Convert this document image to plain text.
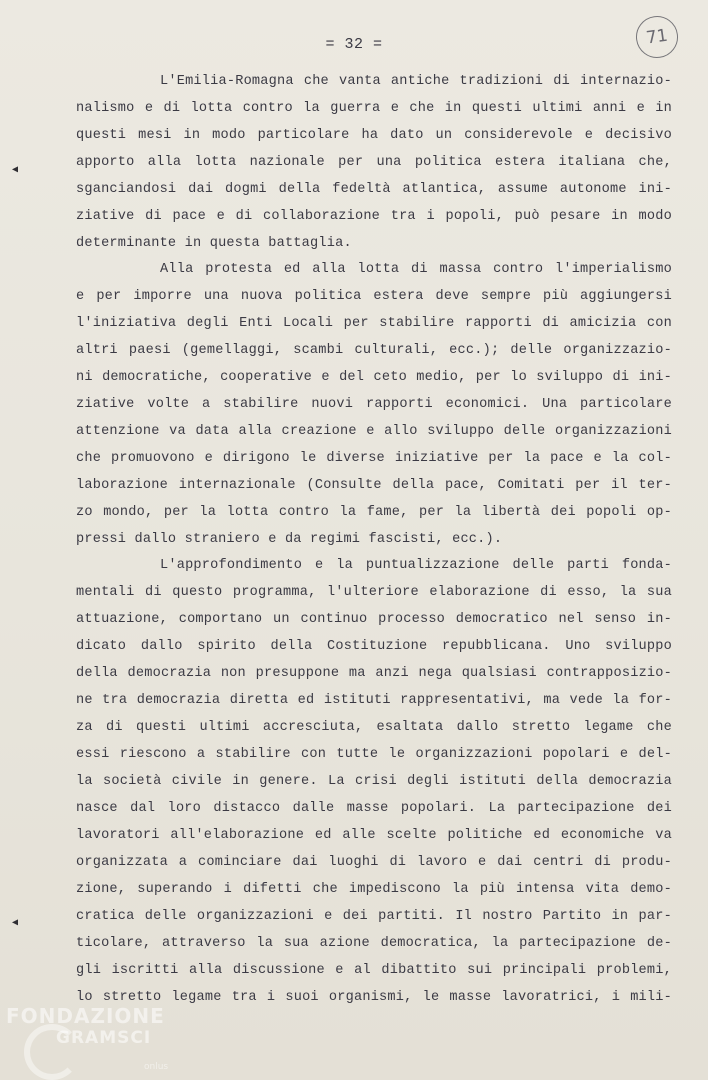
= 32 =	71
L'Emilia-Romagna che vanta antiche tradizioni di internazio-
nalismo e di lotta contro la guerra e che in questi ultimi anni e in
questi mesi in modo particolare ha dato un considerevole e decisivo
apporto alla lotta nazionale per una politica estera italiana che,
sganciandosi dai dogmi della fedeltà atlantica, assume autonome ini-
ziative di pace e di collaborazione tra i popoli, può pesare in modo
determinante in questa battaglia.
Alla protesta ed alla lotta di massa contro l'imperialismo
e per imporre una nuova politica estera deve sempre più aggiungersi
l'iniziativa degli Enti Locali per stabilire rapporti di amicizia con
altri paesi (gemellaggi, scambi culturali, ecc.); delle organizzazio-
ni democratiche, cooperative e del ceto medio, per lo sviluppo di ini-
ziative volte a stabilire nuovi rapporti economici. Una particolare
attenzione va data alla creazione e allo sviluppo delle organizzazioni
che promuovono e dirigono le diverse iniziative per la pace e la col-
laborazione internazionale (Consulte della pace, Comitati per il ter-
zo mondo, per la lotta contro la fame, per la libertà dei popoli op-
pressi dallo straniero e da regimi fascisti, ecc.).
L'approfondimento e la puntualizzazione delle parti fonda-
mentali di questo programma, l'ulteriore elaborazione di esso, la sua
attuazione, comportano un continuo processo democratico nel senso in-
dicato dallo spirito della Costituzione repubblicana. Uno sviluppo
della democrazia non presuppone ma anzi nega qualsiasi contrapposizio-
ne tra democrazia diretta ed istituti rappresentativi, ma vede la for-
za di questi ultimi accresciuta, esaltata dallo stretto legame che
essi riescono a stabilire con tutte le organizzazioni popolari e del-
la società civile in genere. La crisi degli istituti della democrazia
nasce dal loro distacco dalle masse popolari. La partecipazione dei
lavoratori all'elaborazione ed alle scelte politiche ed economiche va
organizzata a cominciare dai luoghi di lavoro e dai centri di produ-
zione, superando i difetti che impediscono la più intensa vita demo-
cratica delle organizzazioni e dei partiti. Il nostro Partito in par-
ticolare, attraverso la sua azione democratica, la partecipazione de-
gli iscritti alla discussione e al dibattito sui principali problemi,
lo stretto legame tra i suoi organismi, le masse lavoratrici, i mili-
◀
◀
FONDAZIONE
GRAMSCI
onlus
